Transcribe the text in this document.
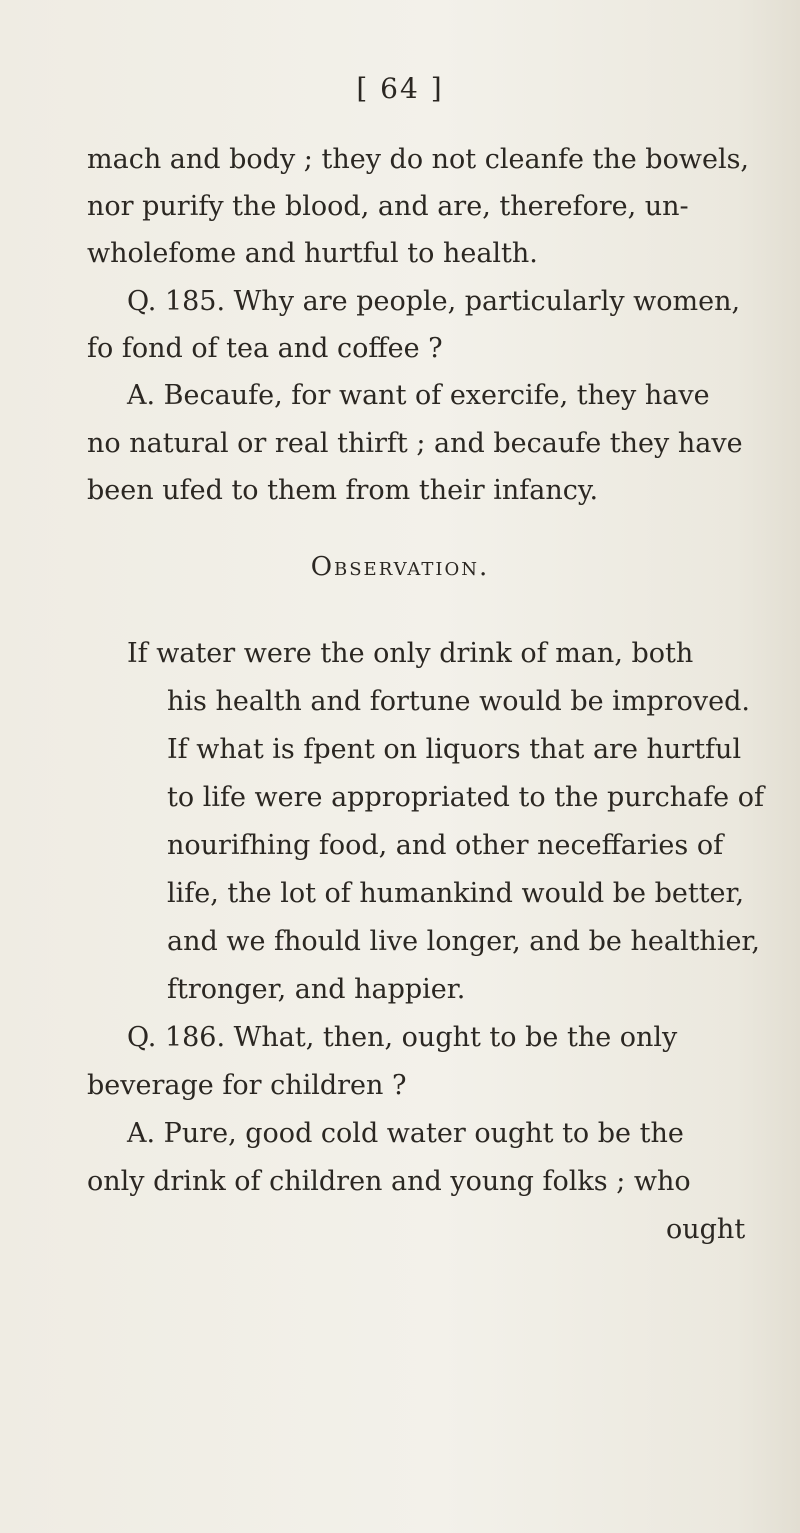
[ 64 ]
mach and body ; they do not cleanfe the bowels,
nor purify the blood, and are, therefore, un-
wholefome and hurtful to health.
Q. 185. Why are people, particularly women,
fo fond of tea and coffee ?
A. Becaufe, for want of exercife, they have
no natural or real thirft ; and becaufe they have
been ufed to them from their infancy.
Observation.
If water were the only drink of man, both
his health and fortune would be improved.
If what is fpent on liquors that are hurtful
to life were appropriated to the purchafe of
nourifhing food, and other neceffaries of
life, the lot of humankind would be better,
and we fhould live longer, and be healthier,
ftronger, and happier.
Q. 186. What, then, ought to be the only
beverage for children ?
A. Pure, good cold water ought to be the
only drink of children and young folks ; who
ought
